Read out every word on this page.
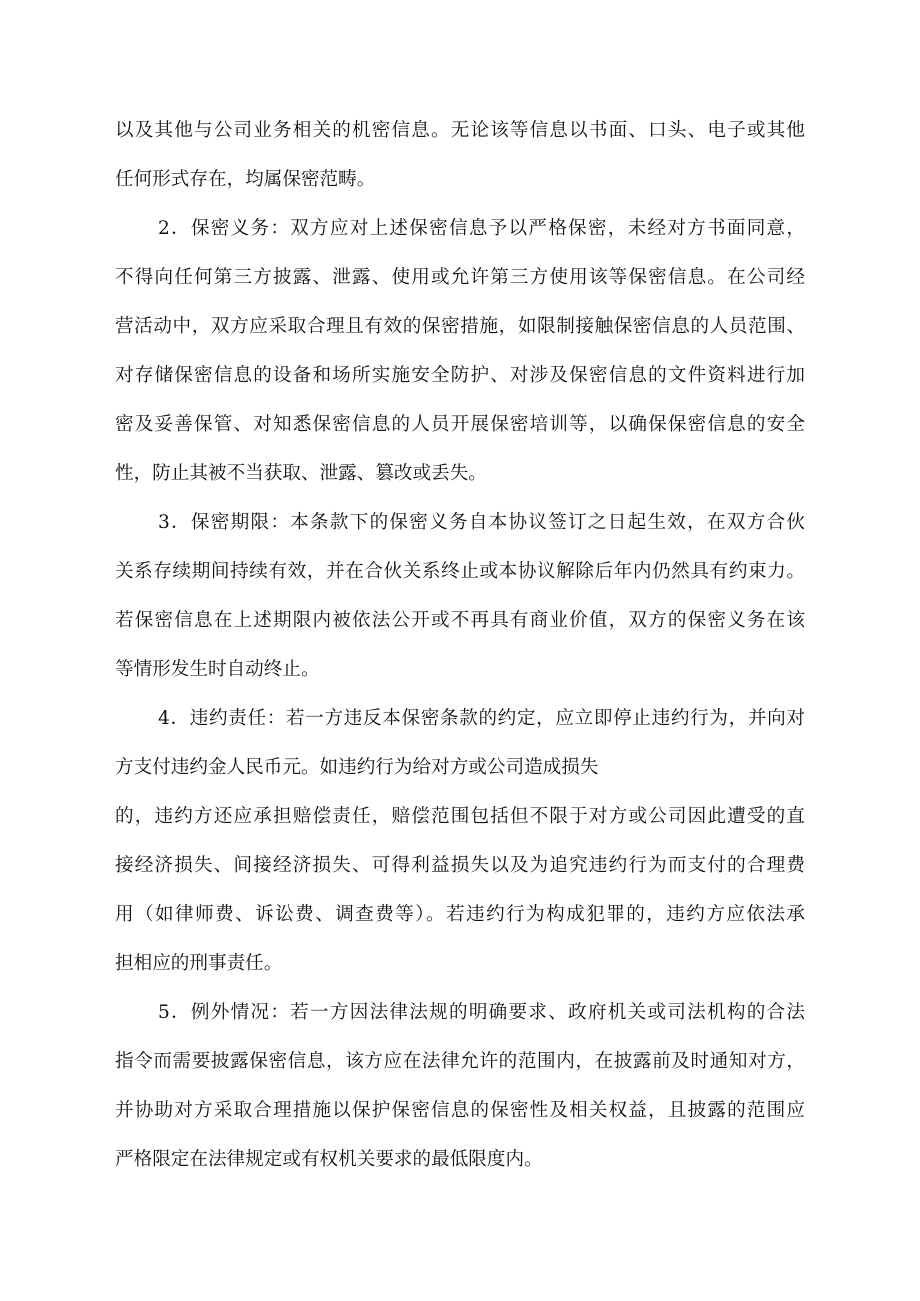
以及其他与公司业务相关的机密信息。无论该等信息以书面、口头、电子或其他
任何形式存在，均属保密范畴。
2．保密义务：双方应对上述保密信息予以严格保密，未经对方书面同意，
不得向任何第三方披露、泄露、使用或允许第三方使用该等保密信息。在公司经
营活动中，双方应采取合理且有效的保密措施，如限制接触保密信息的人员范围、
对存储保密信息的设备和场所实施安全防护、对涉及保密信息的文件资料进行加
密及妥善保管、对知悉保密信息的人员开展保密培训等，以确保保密信息的安全
性，防止其被不当获取、泄露、篡改或丢失。
3．保密期限：本条款下的保密义务自本协议签订之日起生效，在双方合伙
关系存续期间持续有效，并在合伙关系终止或本协议解除后年内仍然具有约束力。
若保密信息在上述期限内被依法公开或不再具有商业价值，双方的保密义务在该
等情形发生时自动终止。
4．违约责任：若一方违反本保密条款的约定，应立即停止违约行为，并向对
方支付违约金人民币元。如违约行为给对方或公司造成损失
的，违约方还应承担赔偿责任，赔偿范围包括但不限于对方或公司因此遭受的直
接经济损失、间接经济损失、可得利益损失以及为追究违约行为而支付的合理费
用（如律师费、诉讼费、调查费等）。若违约行为构成犯罪的，违约方应依法承
担相应的刑事责任。
5．例外情况：若一方因法律法规的明确要求、政府机关或司法机构的合法
指令而需要披露保密信息，该方应在法律允许的范围内，在披露前及时通知对方，
并协助对方采取合理措施以保护保密信息的保密性及相关权益，且披露的范围应
严格限定在法律规定或有权机关要求的最低限度内。
